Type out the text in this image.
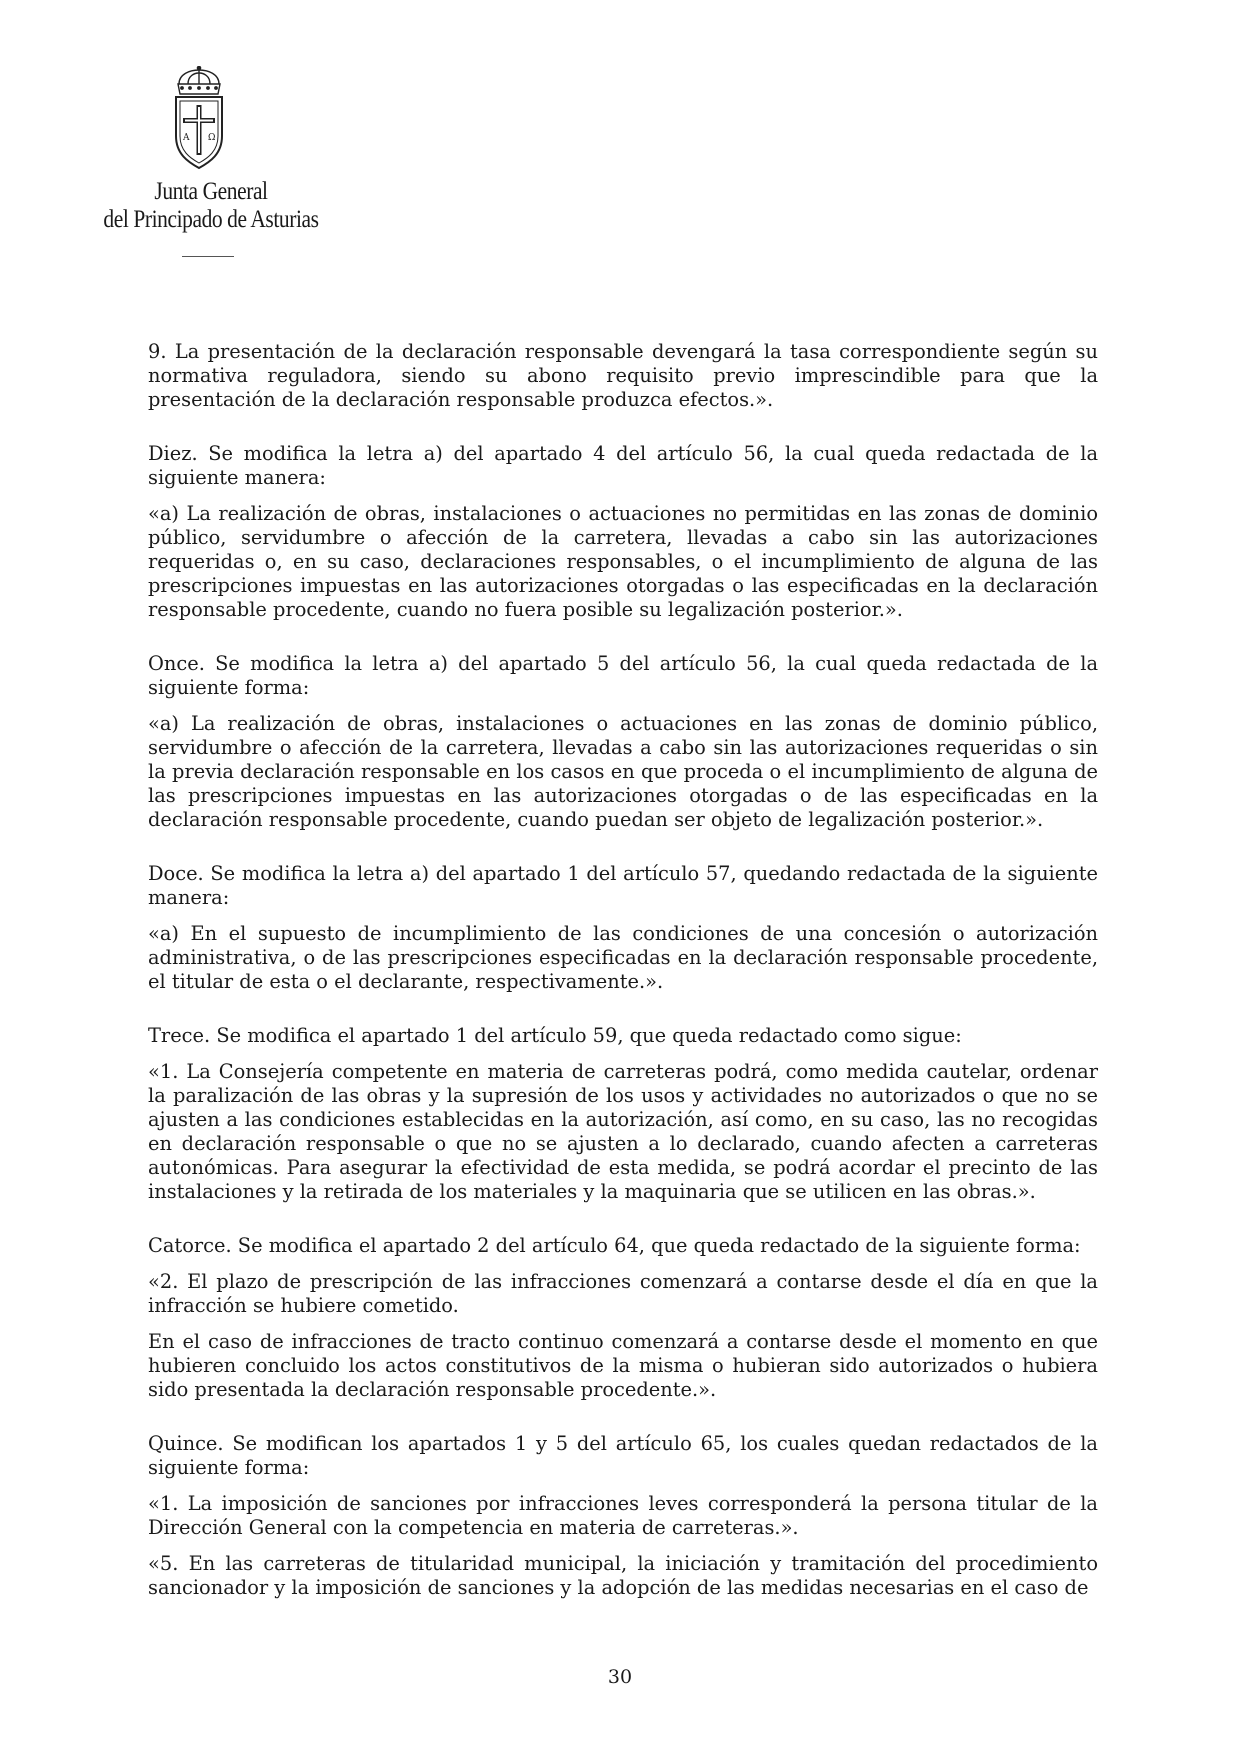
A Ω
Junta General
del Principado de Asturias

9. La presentación de la declaración responsable devengará la tasa correspondiente según su normativa reguladora, siendo su abono requisito previo imprescindible para que la presentación de la declaración responsable produzca efectos.».

Diez. Se modifica la letra a) del apartado 4 del artículo 56, la cual queda redactada de la siguiente manera:

«a) La realización de obras, instalaciones o actuaciones no permitidas en las zonas de dominio público, servidumbre o afección de la carretera, llevadas a cabo sin las autorizaciones requeridas o, en su caso, declaraciones responsables, o el incumplimiento de alguna de las prescripciones impuestas en las autorizaciones otorgadas o las especificadas en la declaración responsable procedente, cuando no fuera posible su legalización posterior.».

Once. Se modifica la letra a) del apartado 5 del artículo 56, la cual queda redactada de la siguiente forma:

«a) La realización de obras, instalaciones o actuaciones en las zonas de dominio público, servidumbre o afección de la carretera, llevadas a cabo sin las autorizaciones requeridas o sin la previa declaración responsable en los casos en que proceda o el incumplimiento de alguna de las prescripciones impuestas en las autorizaciones otorgadas o de las especificadas en la declaración responsable procedente, cuando puedan ser objeto de legalización posterior.».

Doce. Se modifica la letra a) del apartado 1 del artículo 57, quedando redactada de la siguiente manera:

«a) En el supuesto de incumplimiento de las condiciones de una concesión o autorización administrativa, o de las prescripciones especificadas en la declaración responsable procedente, el titular de esta o el declarante, respectivamente.».

Trece. Se modifica el apartado 1 del artículo 59, que queda redactado como sigue:

«1. La Consejería competente en materia de carreteras podrá, como medida cautelar, ordenar la paralización de las obras y la supresión de los usos y actividades no autorizados o que no se ajusten a las condiciones establecidas en la autorización, así como, en su caso, las no recogidas en declaración responsable o que no se ajusten a lo declarado, cuando afecten a carreteras autonómicas. Para asegurar la efectividad de esta medida, se podrá acordar el precinto de las instalaciones y la retirada de los materiales y la maquinaria que se utilicen en las obras.».

Catorce. Se modifica el apartado 2 del artículo 64, que queda redactado de la siguiente forma:

«2. El plazo de prescripción de las infracciones comenzará a contarse desde el día en que la infracción se hubiere cometido.

En el caso de infracciones de tracto continuo comenzará a contarse desde el momento en que hubieren concluido los actos constitutivos de la misma o hubieran sido autorizados o hubiera sido presentada la declaración responsable procedente.».

Quince. Se modifican los apartados 1 y 5 del artículo 65, los cuales quedan redactados de la siguiente forma:

«1. La imposición de sanciones por infracciones leves corresponderá la persona titular de la Dirección General con la competencia en materia de carreteras.».

«5. En las carreteras de titularidad municipal, la iniciación y tramitación del procedimiento sancionador y la imposición de sanciones y la adopción de las medidas necesarias en el caso de

30
